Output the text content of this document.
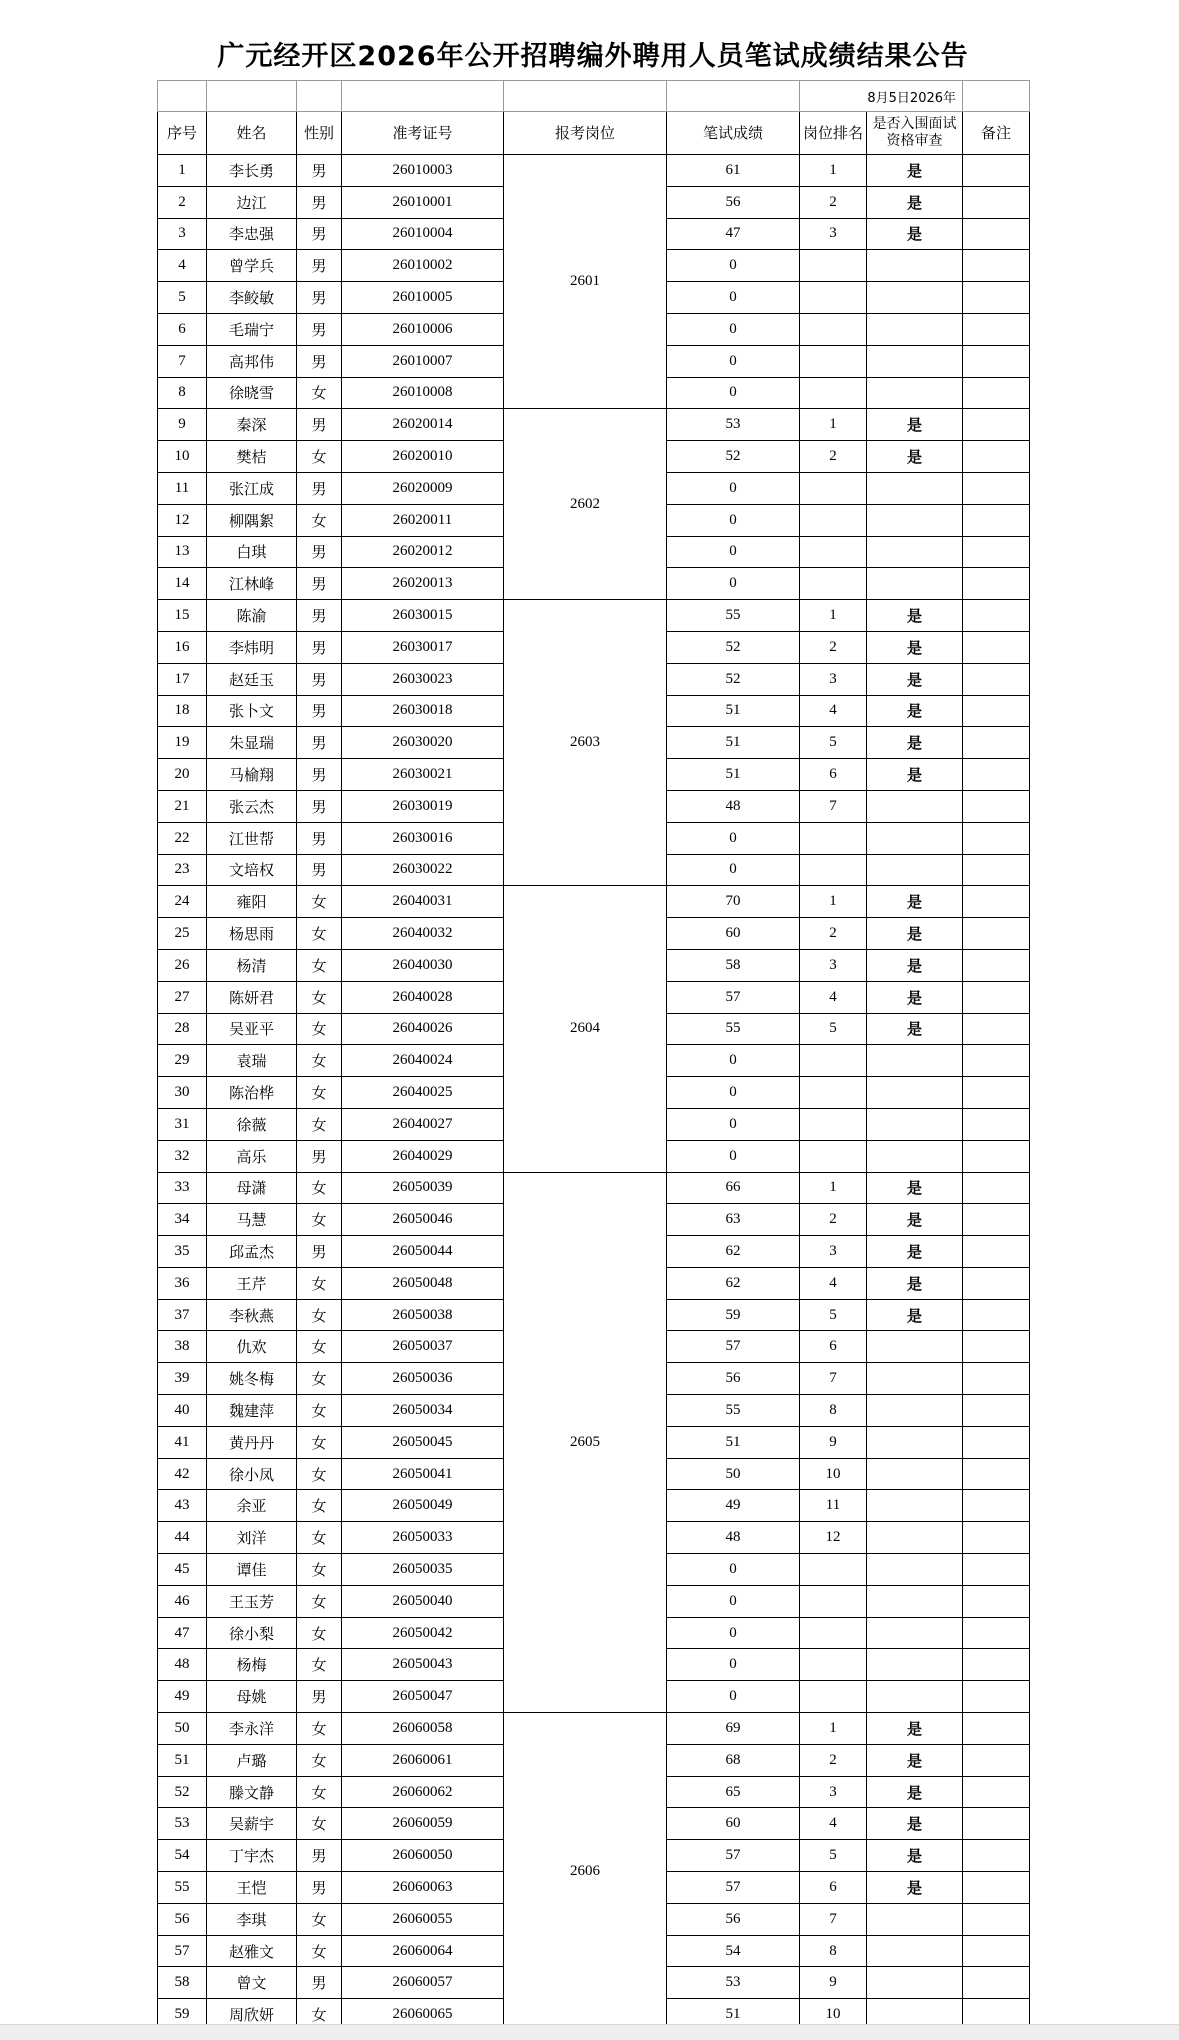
广元经开区2026年公开招聘编外聘用人员笔试成绩结果公告
						8月5日2026年		
序号	姓名	性别	准考证号	报考岗位	笔试成绩	岗位排名	是否入围面试资格审查	备注
1	李长勇	男	26010003	2601	61	1	是	
2	边江	男	26010001		56	2	是	
3	李忠强	男	26010004		47	3	是	
4	曾学兵	男	26010002		0			
5	李鲛敏	男	26010005		0			
6	毛瑞宁	男	26010006		0			
7	高邦伟	男	26010007		0			
8	徐晓雪	女	26010008		0			
9	秦深	男	26020014	2602	53	1	是	
10	樊桔	女	26020010		52	2	是	
11	张江成	男	26020009		0			
12	柳隅絮	女	26020011		0			
13	白琪	男	26020012		0			
14	江林峰	男	26020013		0			
15	陈渝	男	26030015	2603	55	1	是	
16	李炜明	男	26030017		52	2	是	
17	赵廷玉	男	26030023		52	3	是	
18	张卜文	男	26030018		51	4	是	
19	朱显瑞	男	26030020		51	5	是	
20	马榆翔	男	26030021		51	6	是	
21	张云杰	男	26030019		48	7		
22	江世帮	男	26030016		0			
23	文培权	男	26030022		0			
24	雍阳	女	26040031	2604	70	1	是	
25	杨思雨	女	26040032		60	2	是	
26	杨清	女	26040030		58	3	是	
27	陈妍君	女	26040028		57	4	是	
28	吴亚平	女	26040026		55	5	是	
29	袁瑞	女	26040024		0			
30	陈治桦	女	26040025		0			
31	徐薇	女	26040027		0			
32	高乐	男	26040029		0			
33	母潇	女	26050039	2605	66	1	是	
34	马慧	女	26050046		63	2	是	
35	邱孟杰	男	26050044		62	3	是	
36	王芹	女	26050048		62	4	是	
37	李秋燕	女	26050038		59	5	是	
38	仇欢	女	26050037		57	6		
39	姚冬梅	女	26050036		56	7		
40	魏建萍	女	26050034		55	8		
41	黄丹丹	女	26050045		51	9		
42	徐小凤	女	26050041		50	10		
43	余亚	女	26050049		49	11		
44	刘洋	女	26050033		48	12		
45	谭佳	女	26050035		0			
46	王玉芳	女	26050040		0			
47	徐小梨	女	26050042		0			
48	杨梅	女	26050043		0			
49	母姚	男	26050047		0			
50	李永洋	女	26060058	2606	69	1	是	
51	卢璐	女	26060061		68	2	是	
52	滕文静	女	26060062		65	3	是	
53	吴薪宇	女	26060059		60	4	是	
54	丁宇杰	男	26060050		57	5	是	
55	王恺	男	26060063		57	6	是	
56	李琪	女	26060055		56	7		
57	赵雅文	女	26060064		54	8		
58	曾文	男	26060057		53	9		
59	周欣妍	女	26060065		51	10		
